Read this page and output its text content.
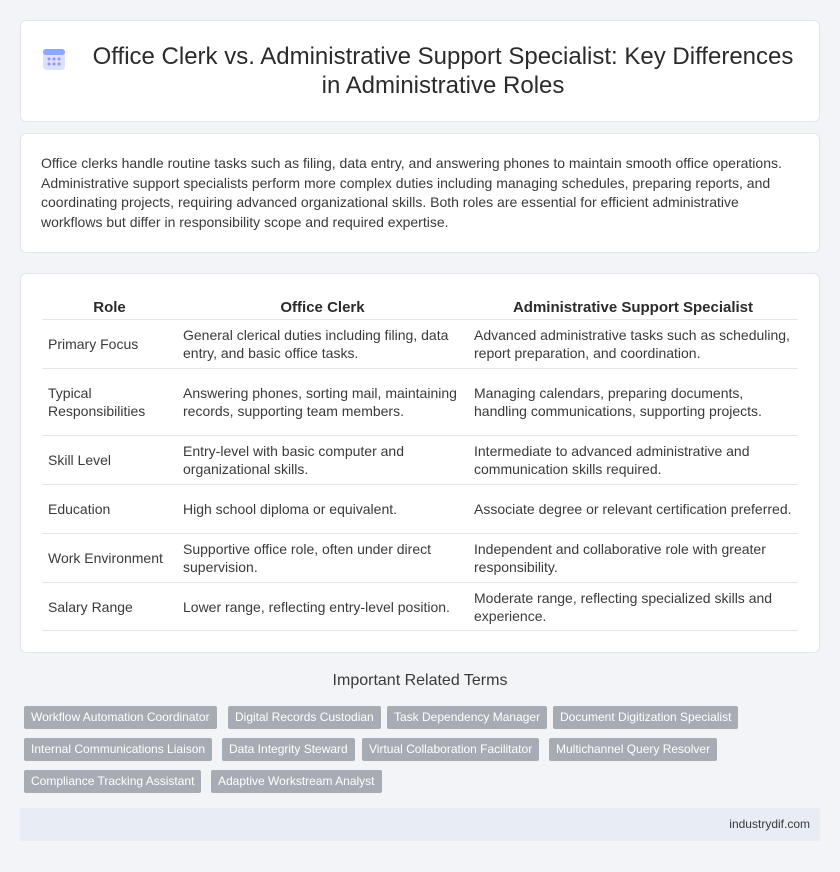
Office Clerk vs. Administrative Support Specialist: Key Differences in Administrative Roles

Office clerks handle routine tasks such as filing, data entry, and answering phones to maintain smooth office operations. Administrative support specialists perform more complex duties including managing schedules, preparing reports, and coordinating projects, requiring advanced organizational skills. Both roles are essential for efficient administrative workflows but differ in responsibility scope and required expertise.

Role	Office Clerk	Administrative Support Specialist
Primary Focus	General clerical duties including filing, data entry, and basic office tasks.	Advanced administrative tasks such as scheduling, report preparation, and coordination.
Typical Responsibilities	Answering phones, sorting mail, maintaining records, supporting team members.	Managing calendars, preparing documents, handling communications, supporting projects.
Skill Level	Entry-level with basic computer and organizational skills.	Intermediate to advanced administrative and communication skills required.
Education	High school diploma or equivalent.	Associate degree or relevant certification preferred.
Work Environment	Supportive office role, often under direct supervision.	Independent and collaborative role with greater responsibility.
Salary Range	Lower range, reflecting entry-level position.	Moderate range, reflecting specialized skills and experience.
Important Related Terms
Workflow Automation Coordinator	Digital Records Custodian	Task Dependency Manager	Document Digitization Specialist
Internal Communications Liaison	Data Integrity Steward	Virtual Collaboration Facilitator	Multichannel Query Resolver
Compliance Tracking Assistant	Adaptive Workstream Analyst
industrydif.com
